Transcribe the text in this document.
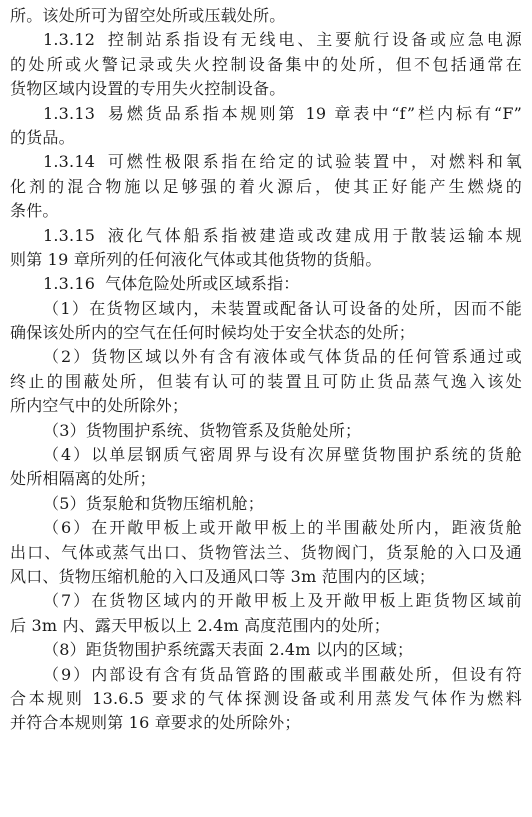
所。该处所可为留空处所或压载处所。
1.3.12 控制站系指设有无线电、主要航行设备或应急电源
的处所或火警记录或失火控制设备集中的处所，但不包括通常在
货物区域内设置的专用失火控制设备。
1.3.13 易燃货品系指本规则第 19 章表中“f”栏内标有“F”
的货品。
1.3.14 可燃性极限系指在给定的试验装置中，对燃料和氧
化剂的混合物施以足够强的着火源后，使其正好能产生燃烧的
条件。
1.3.15 液化气体船系指被建造或改建成用于散装运输本规
则第 19 章所列的任何液化气体或其他货物的货船。
1.3.16 气体危险处所或区域系指：
（1）在货物区域内，未装置或配备认可设备的处所，因而不能
确保该处所内的空气在任何时候均处于安全状态的处所；
（2）货物区域以外有含有液体或气体货品的任何管系通过或
终止的围蔽处所，但装有认可的装置且可防止货品蒸气逸入该处
所内空气中的处所除外；
（3）货物围护系统、货物管系及货舱处所；
（4）以单层钢质气密周界与设有次屏壁货物围护系统的货舱
处所相隔离的处所；
（5）货泵舱和货物压缩机舱；
（6）在开敞甲板上或开敞甲板上的半围蔽处所内，距液货舱
出口、气体或蒸气出口、货物管法兰、货物阀门，货泵舱的入口及通
风口、货物压缩机舱的入口及通风口等 3m 范围内的区域；
（7）在货物区域内的开敞甲板上及开敞甲板上距货物区域前
后 3m 内、露天甲板以上 2.4m 高度范围内的处所；
（8）距货物围护系统露天表面 2.4m 以内的区域；
（9）内部设有含有货品管路的围蔽或半围蔽处所，但设有符
合本规则 13.6.5 要求的气体探测设备或利用蒸发气体作为燃料
并符合本规则第 16 章要求的处所除外；
